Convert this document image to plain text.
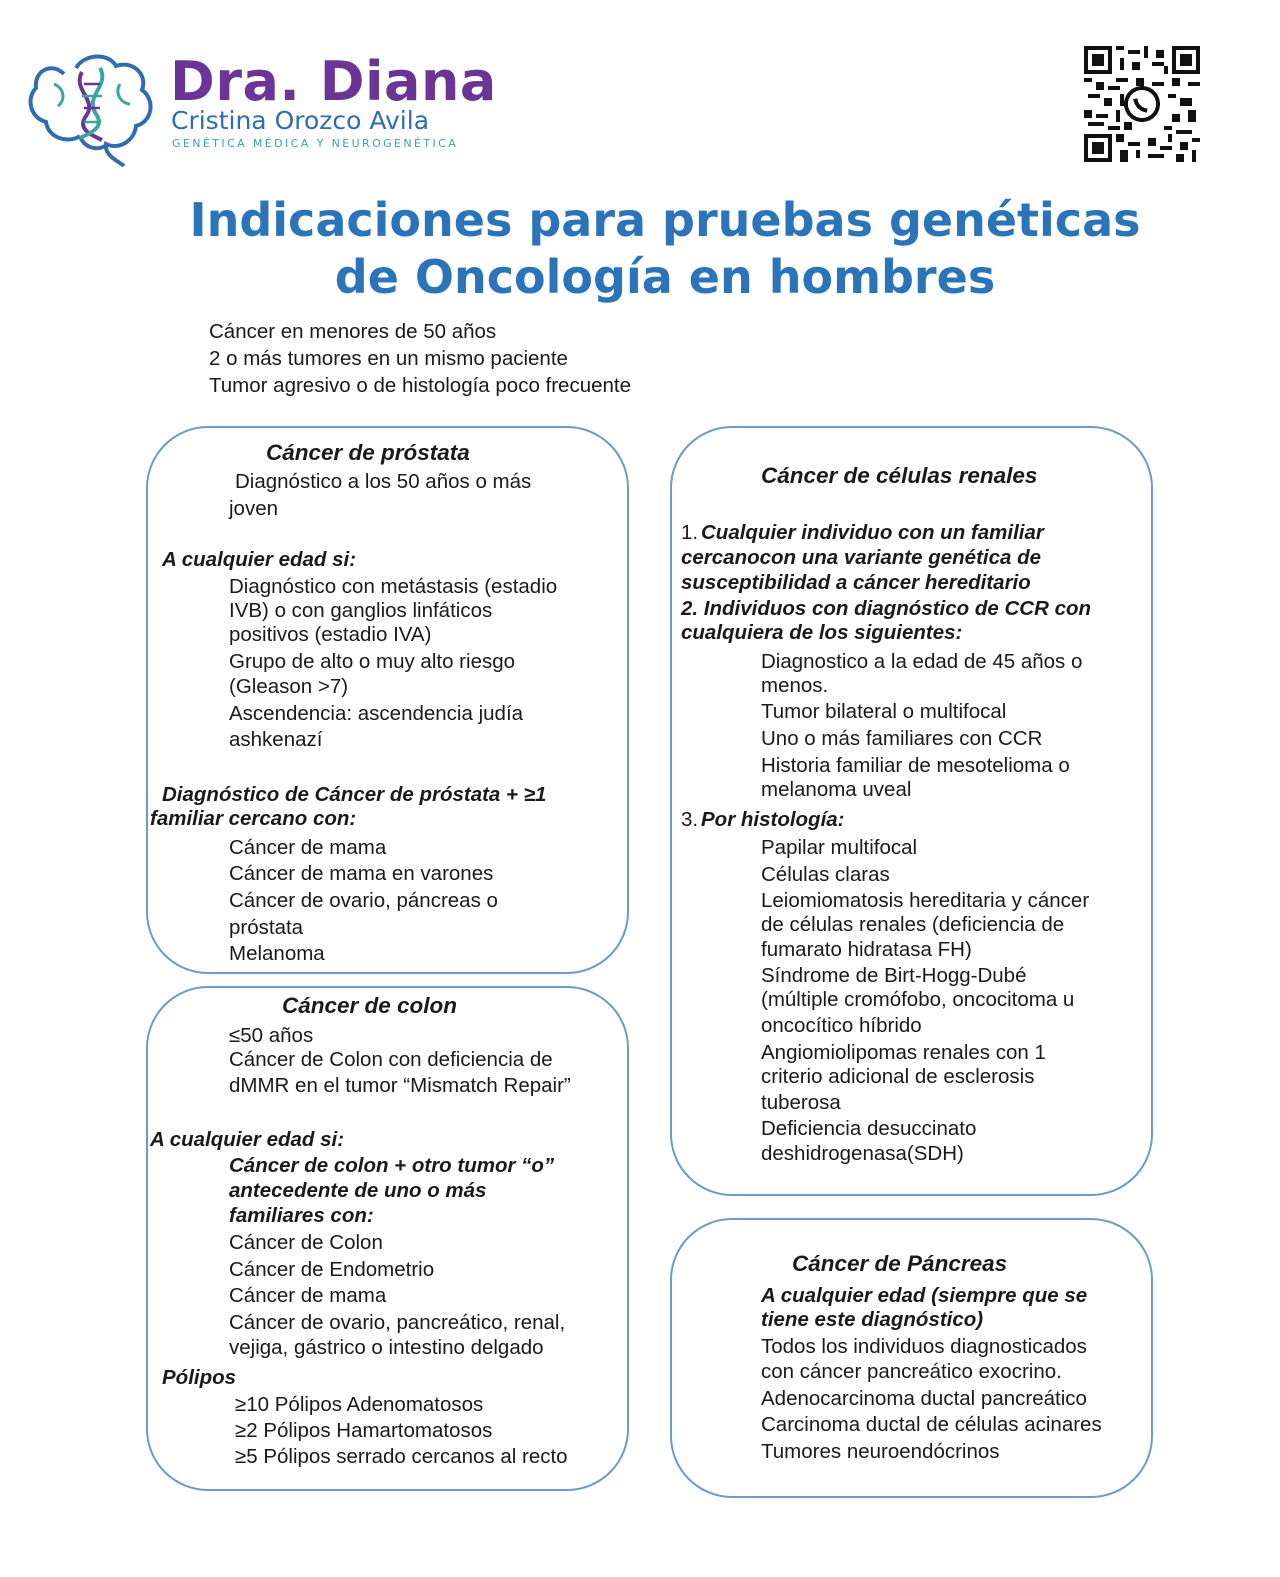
Dra. Diana
Cristina Orozco Avila
GENÉTICA MÉDICA Y NEUROGENÉTICA
Indicaciones para pruebas genéticas
de Oncología en hombres
Cáncer en menores de 50 años
2 o más tumores en un mismo paciente
Tumor agresivo o de histología poco frecuente
Cáncer de próstata
Diagnóstico a los 50 años o más
joven
A cualquier edad si:
Diagnóstico con metástasis (estadio
IVB) o con ganglios linfáticos
positivos (estadio IVA)
Grupo de alto o muy alto riesgo
(Gleason >7)
Ascendencia: ascendencia judía
ashkenazí
Diagnóstico de Cáncer de próstata + ≥1
familiar cercano con:
Cáncer de mama
Cáncer de mama en varones
Cáncer de ovario, páncreas o
próstata
Melanoma
Cáncer de colon
≤50 años
Cáncer de Colon con deficiencia de
dMMR en el tumor “Mismatch Repair”
A cualquier edad si:
Cáncer de colon + otro tumor “o”
antecedente de uno o más
familiares con:
Cáncer de Colon
Cáncer de Endometrio
Cáncer de mama
Cáncer de ovario, pancreático, renal,
vejiga, gástrico o intestino delgado
Pólipos
≥10 Pólipos Adenomatosos
≥2 Pólipos Hamartomatosos
≥5 Pólipos serrado cercanos al recto
Cáncer de células renales
1. Cualquier individuo con un familiar
cercanocon una variante genética de
susceptibilidad a cáncer hereditario
2. Individuos con diagnóstico de CCR con
cualquiera de los siguientes:
Diagnostico a la edad de 45 años o
menos.
Tumor bilateral o multifocal
Uno o más familiares con CCR
Historia familiar de mesotelioma o
melanoma uveal
3. Por histología:
Papilar multifocal
Células claras
Leiomiomatosis hereditaria y cáncer
de células renales (deficiencia de
fumarato hidratasa FH)
Síndrome de Birt-Hogg-Dubé
(múltiple cromófobo, oncocitoma u
oncocítico híbrido
Angiomiolipomas renales con 1
criterio adicional de esclerosis
tuberosa
Deficiencia desuccinato
deshidrogenasa(SDH)
Cáncer de Páncreas
A cualquier edad (siempre que se
tiene este diagnóstico)
Todos los individuos diagnosticados
con cáncer pancreático exocrino.
Adenocarcinoma ductal pancreático
Carcinoma ductal de células acinares
Tumores neuroendócrinos
